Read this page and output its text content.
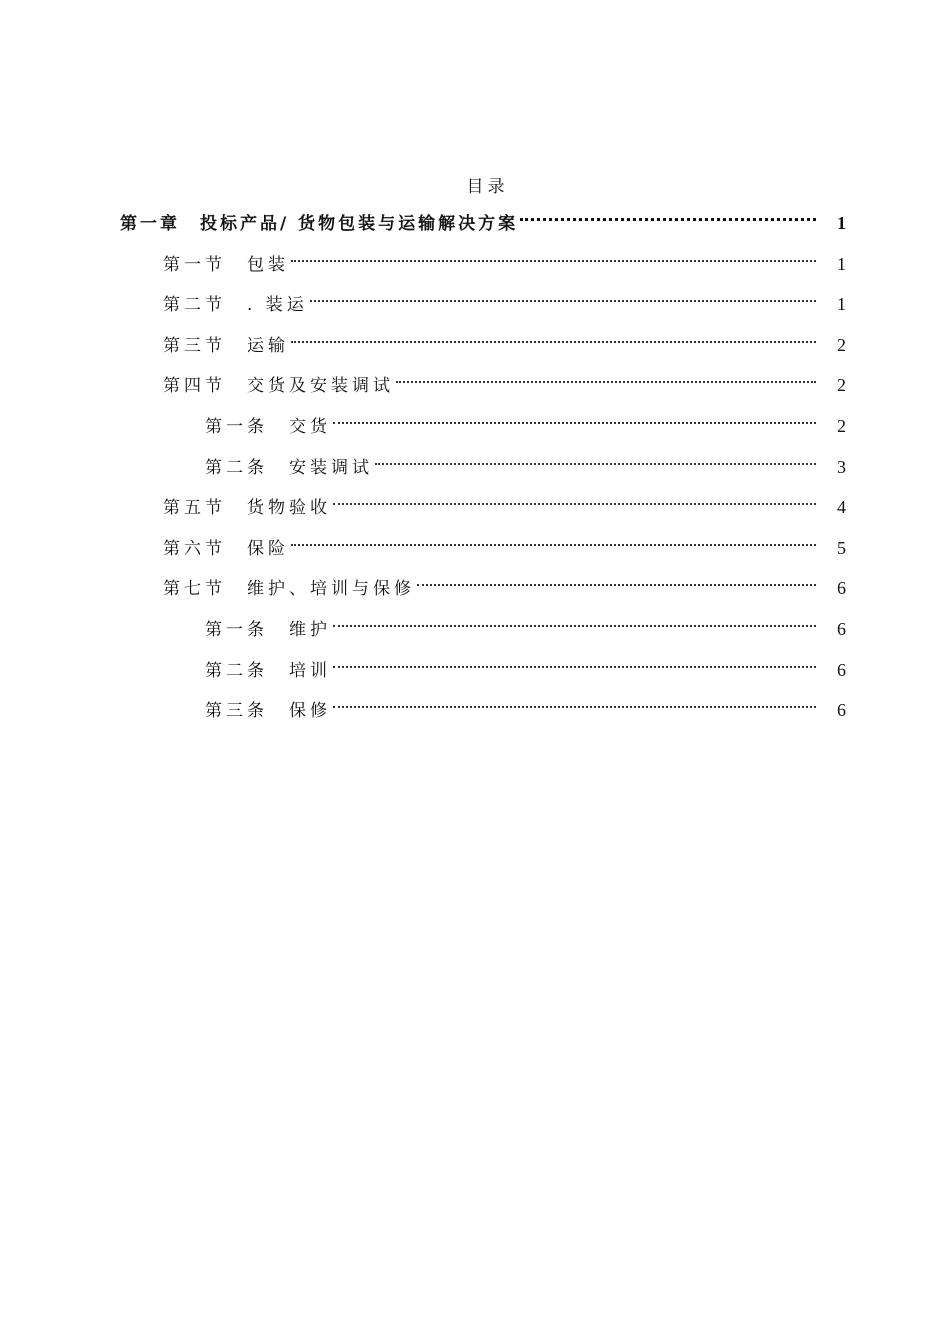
目录
第一章　投标产品/ 货物包装与运输解决方案	1
第一节　包装	1
第二节　. 装运	1
第三节　运输	2
第四节　交货及安装调试	2
第一条　交货	2
第二条　安装调试	3
第五节　货物验收	4
第六节　保险	5
第七节　维护、培训与保修	6
第一条　维护	6
第二条　培训	6
第三条　保修	6
